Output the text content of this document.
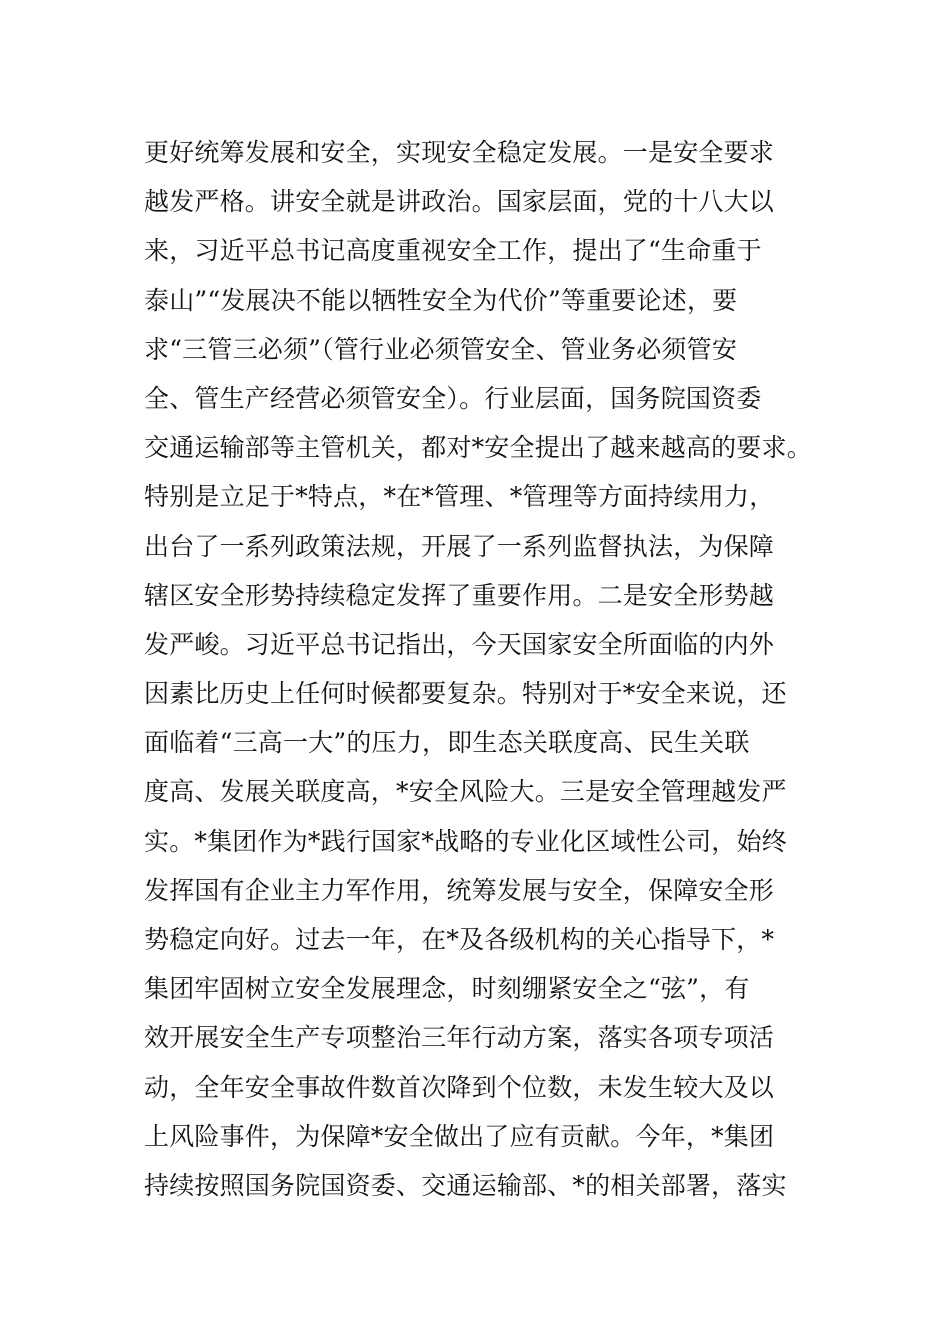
更好统筹发展和安全，实现安全稳定发展。一是安全要求
越发严格。讲安全就是讲政治。国家层面，党的十八大以
来，习近平总书记高度重视安全工作，提出了“生命重于
泰山”“发展决不能以牺牲安全为代价”等重要论述，要
求“三管三必须”（管行业必须管安全、管业务必须管安
全、管生产经营必须管安全）。行业层面，国务院国资委
交通运输部等主管机关，都对*安全提出了越来越高的要求。
特别是立足于*特点，*在*管理、*管理等方面持续用力，
出台了一系列政策法规，开展了一系列监督执法，为保障
辖区安全形势持续稳定发挥了重要作用。二是安全形势越
发严峻。习近平总书记指出，今天国家安全所面临的内外
因素比历史上任何时候都要复杂。特别对于*安全来说，还
面临着“三高一大”的压力，即生态关联度高、民生关联
度高、发展关联度高，*安全风险大。三是安全管理越发严
实。*集团作为*践行国家*战略的专业化区域性公司，始终
发挥国有企业主力军作用，统筹发展与安全，保障安全形
势稳定向好。过去一年，在*及各级机构的关心指导下，*
集团牢固树立安全发展理念，时刻绷紧安全之“弦”，有
效开展安全生产专项整治三年行动方案，落实各项专项活
动，全年安全事故件数首次降到个位数，未发生较大及以
上风险事件，为保障*安全做出了应有贡献。今年，*集团
持续按照国务院国资委、交通运输部、*的相关部署，落实
